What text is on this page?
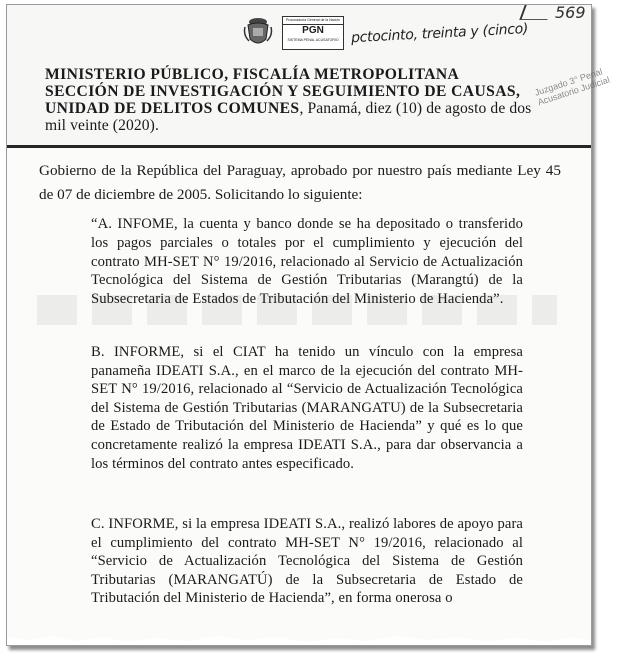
Procuraduría General de la Nación
PGN
SISTEMA PENAL ACUSATORIO pctocinto, treinta y (cinco)
569
Juzgado 3° Penal Acusatorio Judicial
MINISTERIO PÚBLICO, FISCALÍA METROPOLITANA SECCIÓN DE INVESTIGACIÓN Y SEGUIMIENTO DE CAUSAS, UNIDAD DE DELITOS COMUNES, Panamá, diez (10) de agosto de dos mil veinte (2020).
Gobierno de la República del Paraguay, aprobado por nuestro país mediante Ley 45 de 07 de diciembre de 2005. Solicitando lo siguiente:
“A. INFOME, la cuenta y banco donde se ha depositado o transferido los pagos parciales o totales por el cumplimiento y ejecución del contrato MH-SET N° 19/2016, relacionado al Servicio de Actualización Tecnológica del Sistema de Gestión Tributarias (Marangtú) de la Subsecretaria de Estados de Tributación del Ministerio de Hacienda”.
B. INFORME, si el CIAT ha tenido un vínculo con la empresa panameña IDEATI S.A., en el marco de la ejecución del contrato MH-SET N° 19/2016, relacionado al “Servicio de Actualización Tecnológica del Sistema de Gestión Tributarias (MARANGATU) de la Subsecretaria de Estado de Tributación del Ministerio de Hacienda” y qué es lo que concretamente realizó la empresa IDEATI S.A., para dar observancia a los términos del contrato antes especificado.
C. INFORME, si la empresa IDEATI S.A., realizó labores de apoyo para el cumplimiento del contrato MH-SET N° 19/2016, relacionado al “Servicio de Actualización Tecnológica del Sistema de Gestión Tributarias (MARANGATÚ) de la Subsecretaria de Estado de Tributación del Ministerio de Hacienda”, en forma onerosa o
